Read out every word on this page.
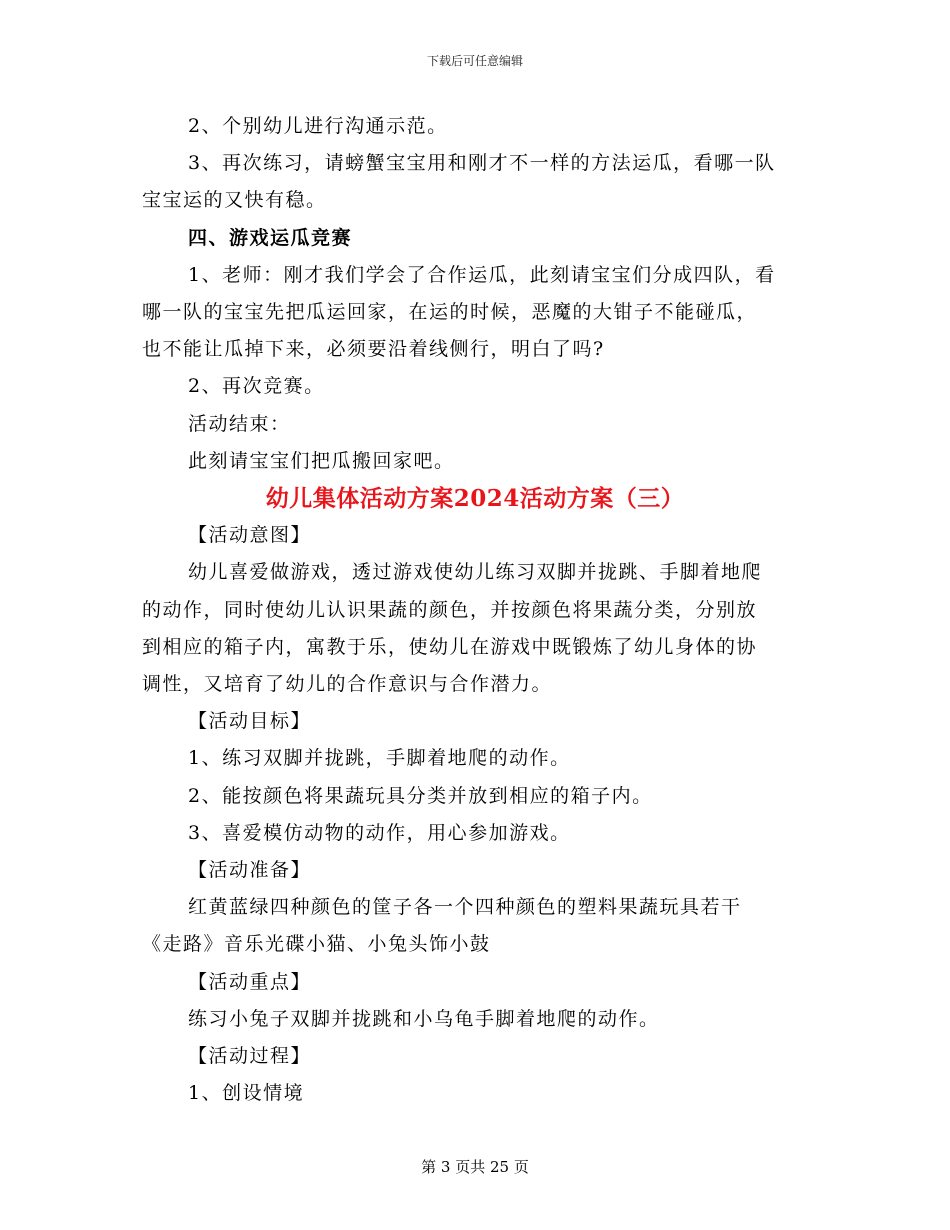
下载后可任意编辑

2、个别幼儿进行沟通示范。

3、再次练习，请螃蟹宝宝用和刚才不一样的方法运瓜，看哪一队

宝宝运的又快有稳。

四、游戏运瓜竞赛

1、老师：刚才我们学会了合作运瓜，此刻请宝宝们分成四队，看

哪一队的宝宝先把瓜运回家，在运的时候，恶魔的大钳子不能碰瓜，

也不能让瓜掉下来，必须要沿着线侧行，明白了吗?

2、再次竞赛。

活动结束：

此刻请宝宝们把瓜搬回家吧。

幼儿集体活动方案2024活动方案（三）

【活动意图】

幼儿喜爱做游戏，透过游戏使幼儿练习双脚并拢跳、手脚着地爬

的动作，同时使幼儿认识果蔬的颜色，并按颜色将果蔬分类，分别放

到相应的箱子内，寓教于乐，使幼儿在游戏中既锻炼了幼儿身体的协

调性，又培育了幼儿的合作意识与合作潜力。

【活动目标】

1、练习双脚并拢跳，手脚着地爬的动作。

2、能按颜色将果蔬玩具分类并放到相应的箱子内。

3、喜爱模仿动物的动作，用心参加游戏。

【活动准备】

红黄蓝绿四种颜色的筐子各一个四种颜色的塑料果蔬玩具若干

《走路》音乐光碟小猫、小兔头饰小鼓

【活动重点】

练习小兔子双脚并拢跳和小乌龟手脚着地爬的动作。

【活动过程】

1、创设情境

第 3 页共 25 页
